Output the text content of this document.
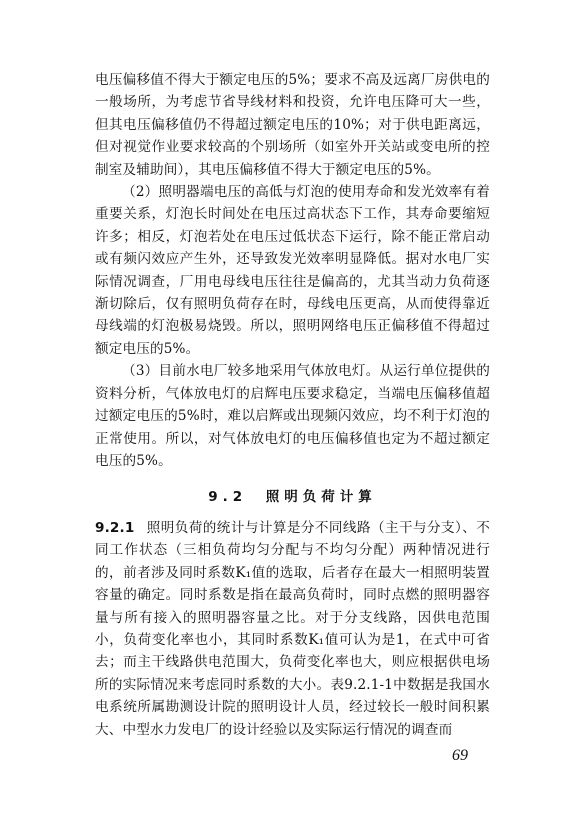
电压偏移值不得大于额定电压的5%；要求不高及远离厂房供电的一般场所，为考虑节省导线材料和投资，允许电压降可大一些，但其电压偏移值仍不得超过额定电压的10%；对于供电距离远，但对视觉作业要求较高的个别场所（如室外开关站或变电所的控制室及辅助间），其电压偏移值不得大于额定电压的5%。

（2）照明器端电压的高低与灯泡的使用寿命和发光效率有着重要关系，灯泡长时间处在电压过高状态下工作，其寿命要缩短许多；相反，灯泡若处在电压过低状态下运行，除不能正常启动或有频闪效应产生外，还导致发光效率明显降低。据对水电厂实际情况调查，厂用电母线电压往往是偏高的，尤其当动力负荷逐渐切除后，仅有照明负荷存在时，母线电压更高，从而使得靠近母线端的灯泡极易烧毁。所以，照明网络电压正偏移值不得超过额定电压的5%。

（3）目前水电厂较多地采用气体放电灯。从运行单位提供的资料分析，气体放电灯的启辉电压要求稳定，当端电压偏移值超过额定电压的5%时，难以启辉或出现频闪效应，均不利于灯泡的正常使用。所以，对气体放电灯的电压偏移值也定为不超过额定电压的5%。

9.2　照明负荷计算

9.2.1 照明负荷的统计与计算是分不同线路（主干与分支）、不同工作状态（三相负荷均匀分配与不均匀分配）两种情况进行的，前者涉及同时系数K₁值的选取，后者存在最大一相照明装置容量的确定。同时系数是指在最高负荷时，同时点燃的照明器容量与所有接入的照明器容量之比。对于分支线路，因供电范围小，负荷变化率也小，其同时系数K₁值可认为是1，在式中可省去；而主干线路供电范围大，负荷变化率也大，则应根据供电场所的实际情况来考虑同时系数的大小。表9.2.1-1中数据是我国水电系统所属勘测设计院的照明设计人员，经过较长一般时间积累大、中型水力发电厂的设计经验以及实际运行情况的调查而

69
